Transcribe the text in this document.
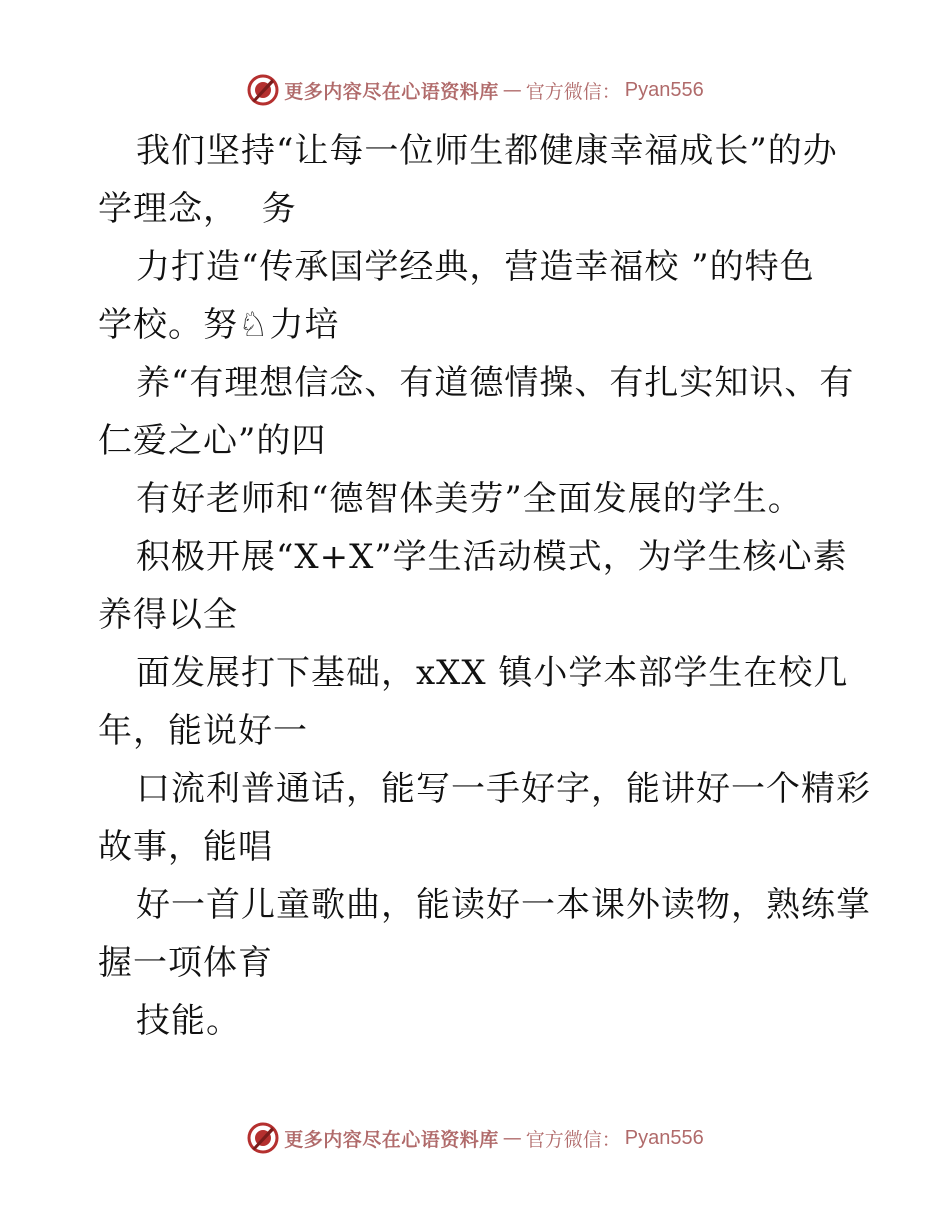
更多内容尽在心语资料库 — 官方微信： Pyan556
我们坚持“让每一位师生都健康幸福成长”的办
学理念，  务
力打造“传承国学经典，营造幸福校 ”的特色
学校。努♘力培
养“有理想信念、有道德情操、有扎实知识、有
仁爱之心”的四
有好老师和“德智体美劳”全面发展的学生。
积极开展“X+X”学生活动模式，为学生核心素
养得以全
面发展打下基础，xXX 镇小学本部学生在校几
年，能说好一
口流利普通话，能写一手好字，能讲好一个精彩
故事，能唱
好一首儿童歌曲，能读好一本课外读物，熟练掌
握一项体育
技能。
更多内容尽在心语资料库 — 官方微信： Pyan556
